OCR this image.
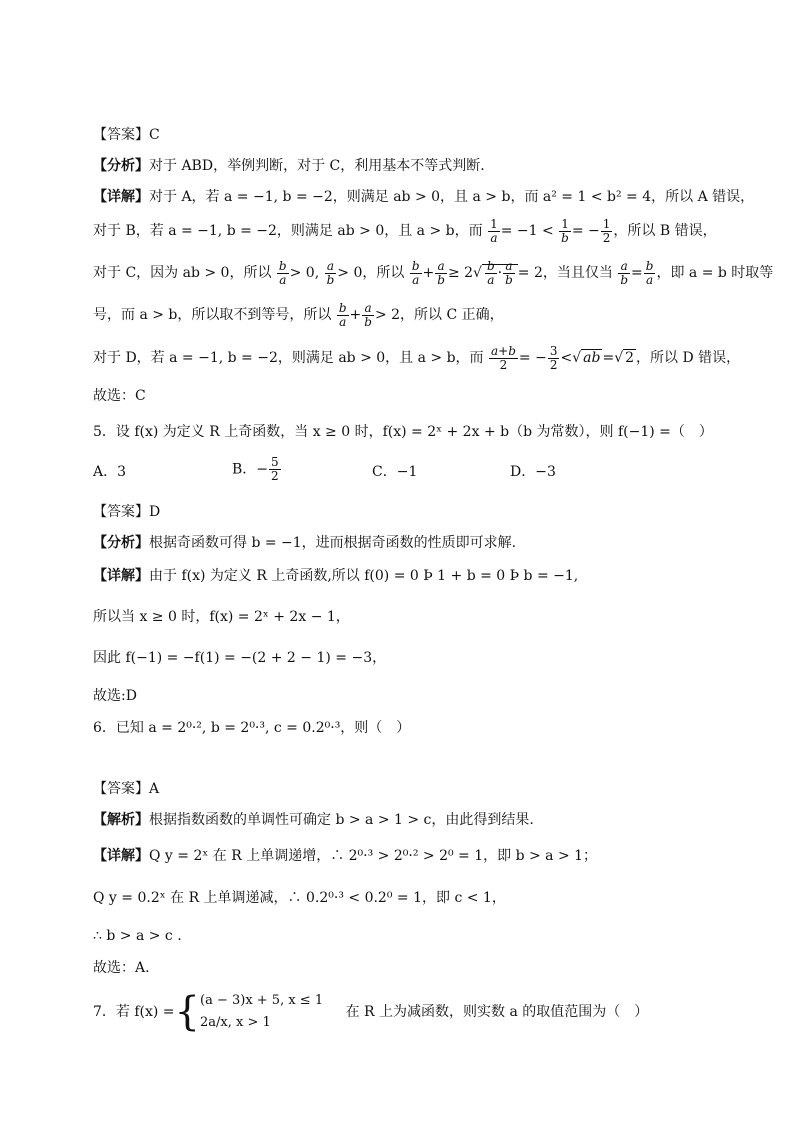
【答案】C
【分析】对于 ABD，举例判断，对于 C，利用基本不等式判断.
【详解】对于 A，若 a = −1, b = −2，则满足 ab > 0，且 a > b，而 a² = 1 < b² = 4，所以 A 错误，
对于 B，若 a = −1, b = −2，则满足 ab > 0，且 a > b，而 $\frac{1}{a} = -1 < \frac{1}{b}$ = − $\frac{1}{2}$ ，所以 B 错误，
对于 C，因为 ab > 0，所以 $\frac{b}{a} > 0$, $\frac{a}{b} > 0$，所以 $\frac{b}{a} + \frac{a}{b} \ge 2√ \frac{b}{a} \cdot \frac{a}{b} = 2$，当且仅当 $\frac{a}{b} = \frac{b}{a}$ ，即 a = b 时取等
号，而 a > b，所以取不到等号，所以 $\frac{b}{a} + \frac{a}{b} > 2$，所以 C 正确，
对于 D，若 a = −1, b = −2，则满足 ab > 0，且 a > b，而 $\frac{a+b}{2}$ = − $\frac{3}{2}$ <√ ab =√ 2 ，所以 D 错误，
故选：C
5．设 f(x) 为定义 R 上奇函数，当 x ≥ 0 时，f(x) = 2ˣ + 2x + b（b 为常数），则 f(−1) =（　）
A．3	B．− $\frac{5}{2}$	C．−1	D．−3
【答案】D
【分析】根据奇函数可得 b = −1，进而根据奇函数的性质即可求解.
【详解】由于 f(x) 为定义 R 上奇函数,所以 f(0) = 0 Þ 1 + b = 0 Þ b = −1,
所以当 x ≥ 0 时，f(x) = 2ˣ + 2x − 1，
因此 f(−1) = −f(1) = −(2 + 2 − 1) = −3，
故选:D
6．已知 a = 2⁰·², b = 2⁰·³, c = 0.2⁰·³，则（　）
【答案】A
【解析】根据指数函数的单调性可确定 b > a > 1 > c，由此得到结果.
【详解】Q y = 2ˣ 在 R 上单调递增，∴ 2⁰·³ > 2⁰·² > 2⁰ = 1，即 b > a > 1；
Q y = 0.2ˣ 在 R 上单调递减，∴ 0.2⁰·³ < 0.2⁰ = 1，即 c < 1，
∴ b > a > c .
故选：A.
7．若 f(x) ={ (a − 3)x + 5, x ≤ 1
2a/x, x > 1
在 R 上为减函数，则实数 a 的取值范围为（　）
